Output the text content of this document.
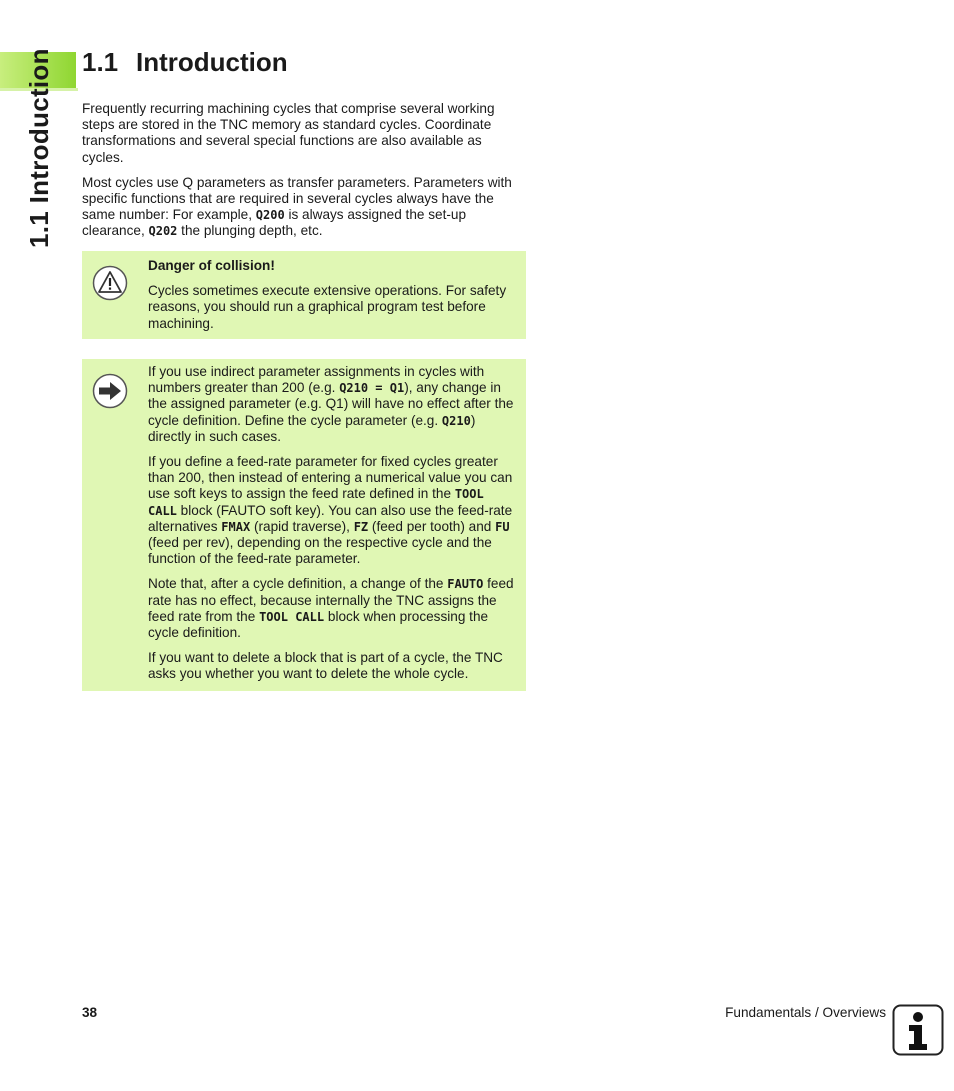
1.1 Introduction 1.1 Introduction

Frequently recurring machining cycles that comprise several working steps are stored in the TNC memory as standard cycles. Coordinate transformations and several special functions are also available as cycles.

Most cycles use Q parameters as transfer parameters. Parameters with specific functions that are required in several cycles always have the same number: For example, Q200 is always assigned the set-up clearance, Q202 the plunging depth, etc.

Danger of collision!

Cycles sometimes execute extensive operations. For safety reasons, you should run a graphical program test before machining.

If you use indirect parameter assignments in cycles with numbers greater than 200 (e.g. Q210 = Q1), any change in the assigned parameter (e.g. Q1) will have no effect after the cycle definition. Define the cycle parameter (e.g. Q210) directly in such cases.

If you define a feed-rate parameter for fixed cycles greater than 200, then instead of entering a numerical value you can use soft keys to assign the feed rate defined in the TOOL CALL block (FAUTO soft key). You can also use the feed-rate alternatives FMAX (rapid traverse), FZ (feed per tooth) and FU (feed per rev), depending on the respective cycle and the function of the feed-rate parameter.

Note that, after a cycle definition, a change of the FAUTO feed rate has no effect, because internally the TNC assigns the feed rate from the TOOL CALL block when processing the cycle definition.

If you want to delete a block that is part of a cycle, the TNC asks you whether you want to delete the whole cycle.

38	Fundamentals / Overviews
